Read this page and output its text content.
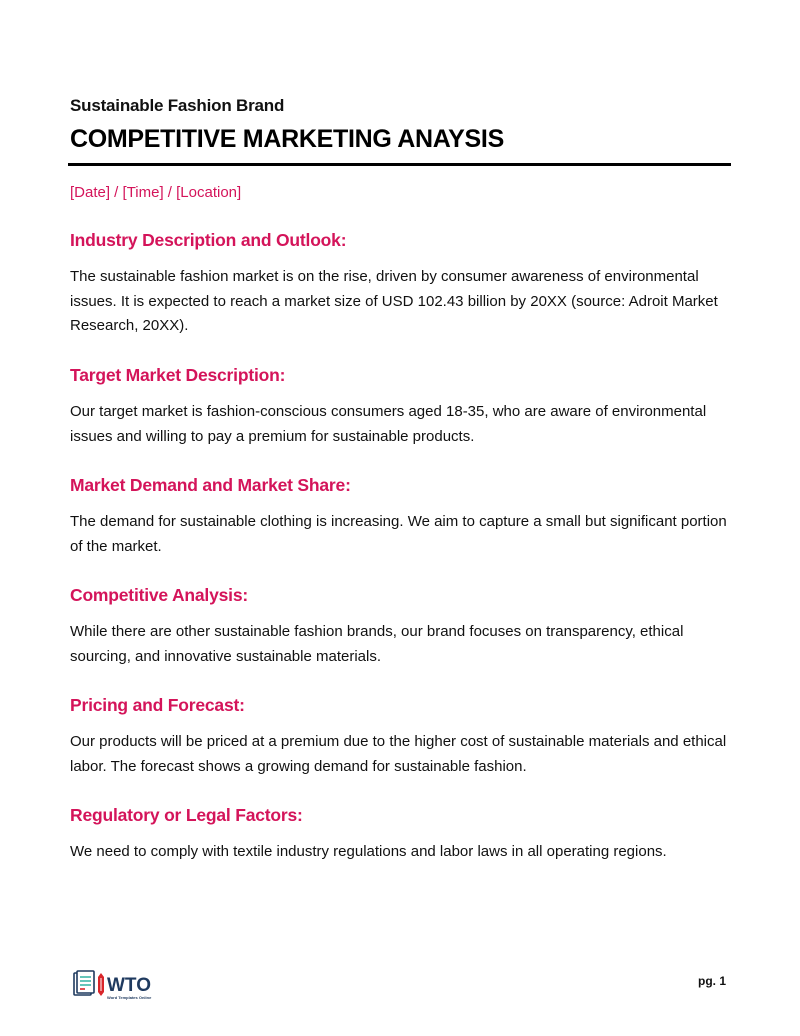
Sustainable Fashion Brand
COMPETITIVE MARKETING ANAYSIS
[Date] / [Time] / [Location]
Industry Description and Outlook:

The sustainable fashion market is on the rise, driven by consumer awareness of environmental issues. It is expected to reach a market size of USD 102.43 billion by 20XX (source: Adroit Market Research, 20XX).

Target Market Description:

Our target market is fashion-conscious consumers aged 18-35, who are aware of environmental issues and willing to pay a premium for sustainable products.

Market Demand and Market Share:

The demand for sustainable clothing is increasing. We aim to capture a small but significant portion of the market.

Competitive Analysis:

While there are other sustainable fashion brands, our brand focuses on transparency, ethical sourcing, and innovative sustainable materials.

Pricing and Forecast:

Our products will be priced at a premium due to the higher cost of sustainable materials and ethical labor. The forecast shows a growing demand for sustainable fashion.

Regulatory or Legal Factors:

We need to comply with textile industry regulations and labor laws in all operating regions.

WTO
Word Templates Online
pg. 1
